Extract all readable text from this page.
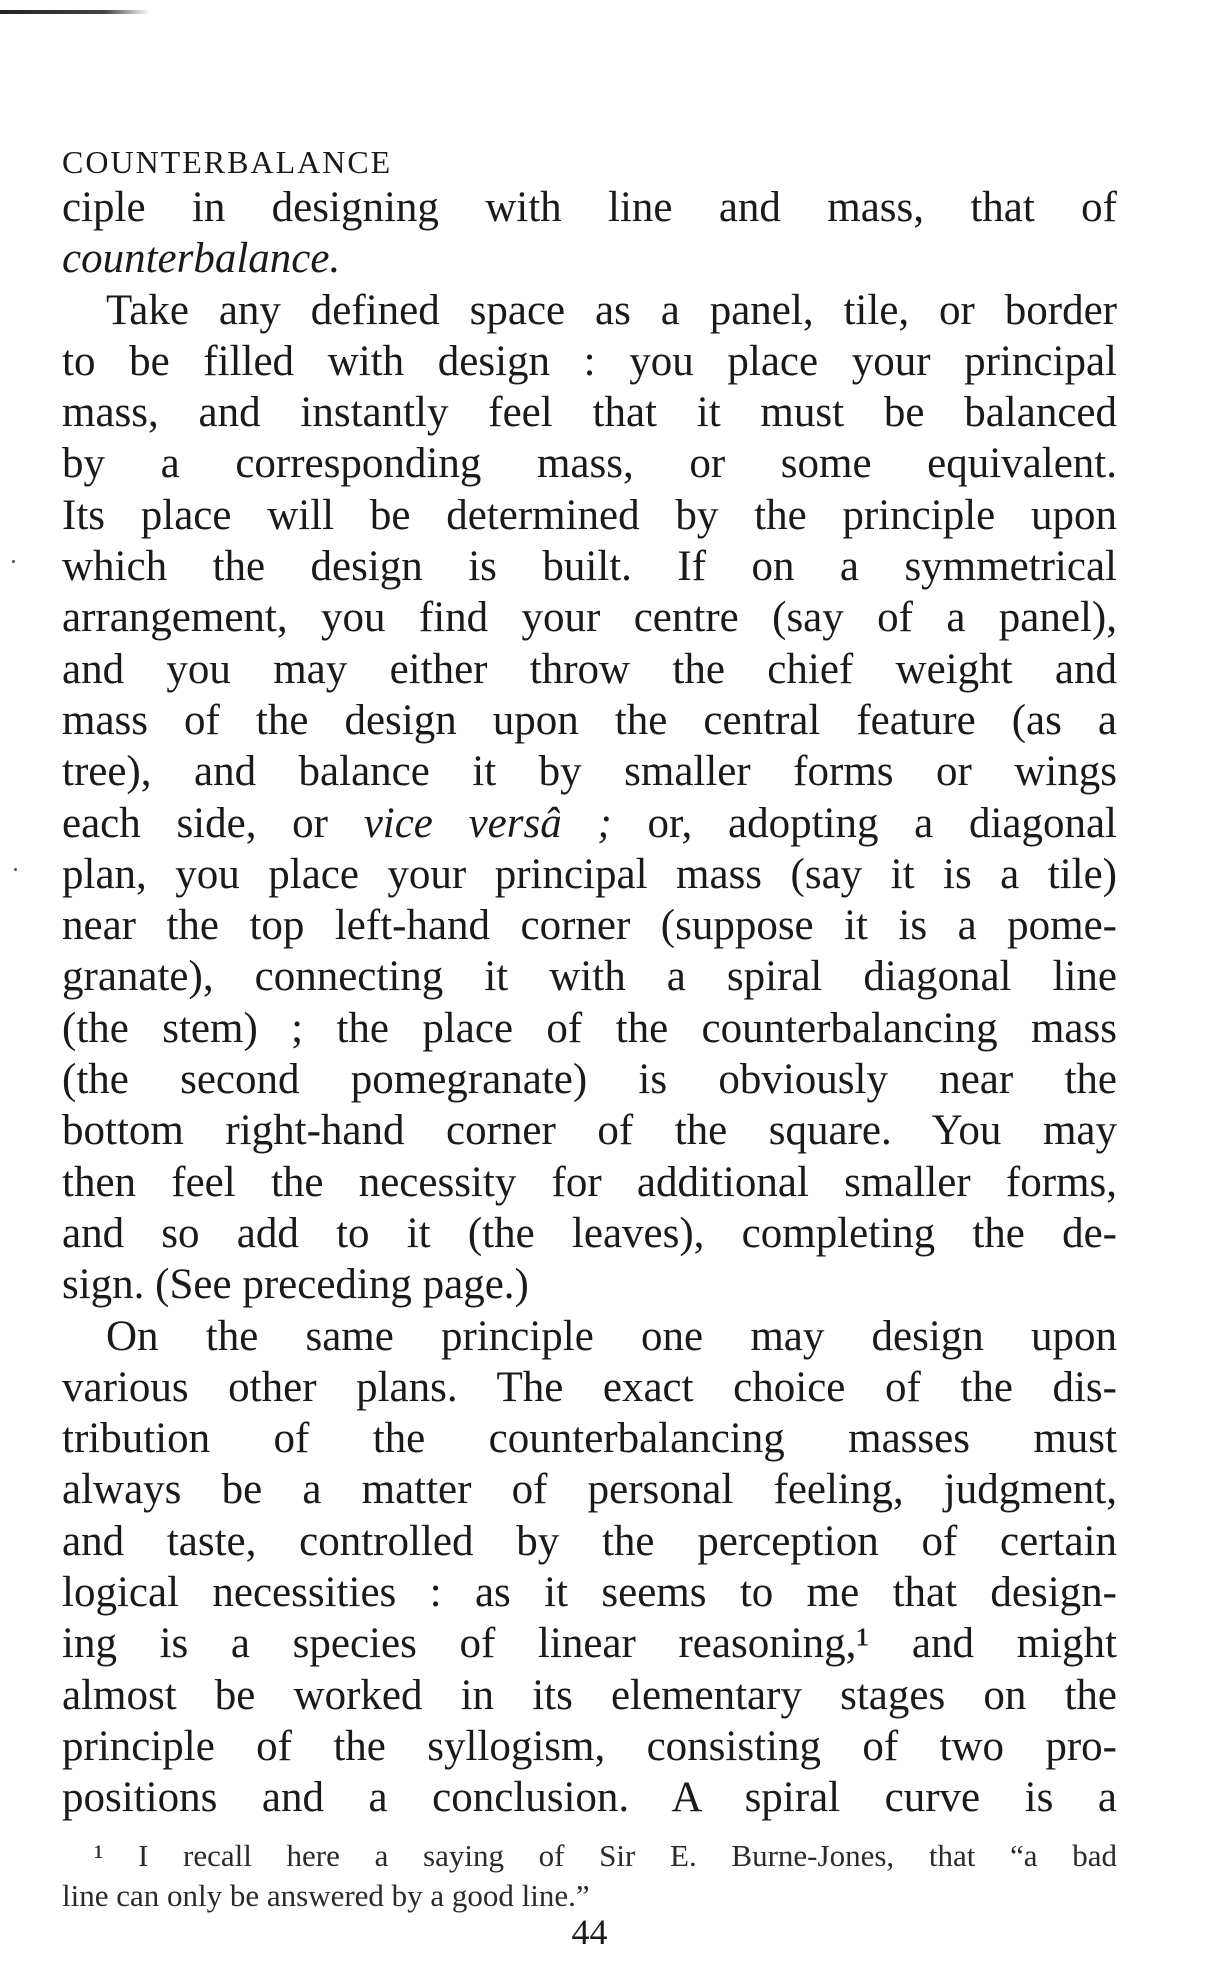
COUNTERBALANCE
ciple in designing with line and mass, that of
counterbalance.
Take any defined space as a panel, tile, or border
to be filled with design : you place your principal
mass, and instantly feel that it must be balanced
by a corresponding mass, or some equivalent.
Its place will be determined by the principle upon
which the design is built. If on a symmetrical
arrangement, you find your centre (say of a panel),
and you may either throw the chief weight and
mass of the design upon the central feature (as a
tree), and balance it by smaller forms or wings
each side, or vice versâ ; or, adopting a diagonal
plan, you place your principal mass (say it is a tile)
near the top left-hand corner (suppose it is a pome-
granate), connecting it with a spiral diagonal line
(the stem) ; the place of the counterbalancing mass
(the second pomegranate) is obviously near the
bottom right-hand corner of the square. You may
then feel the necessity for additional smaller forms,
and so add to it (the leaves), completing the de-
sign. (See preceding page.)
On the same principle one may design upon
various other plans. The exact choice of the dis-
tribution of the counterbalancing masses must
always be a matter of personal feeling, judgment,
and taste, controlled by the perception of certain
logical necessities : as it seems to me that design-
ing is a species of linear reasoning,¹ and might
almost be worked in its elementary stages on the
principle of the syllogism, consisting of two pro-
positions and a conclusion. A spiral curve is a
¹ I recall here a saying of Sir E. Burne-Jones, that “a bad
line can only be answered by a good line.”
44
